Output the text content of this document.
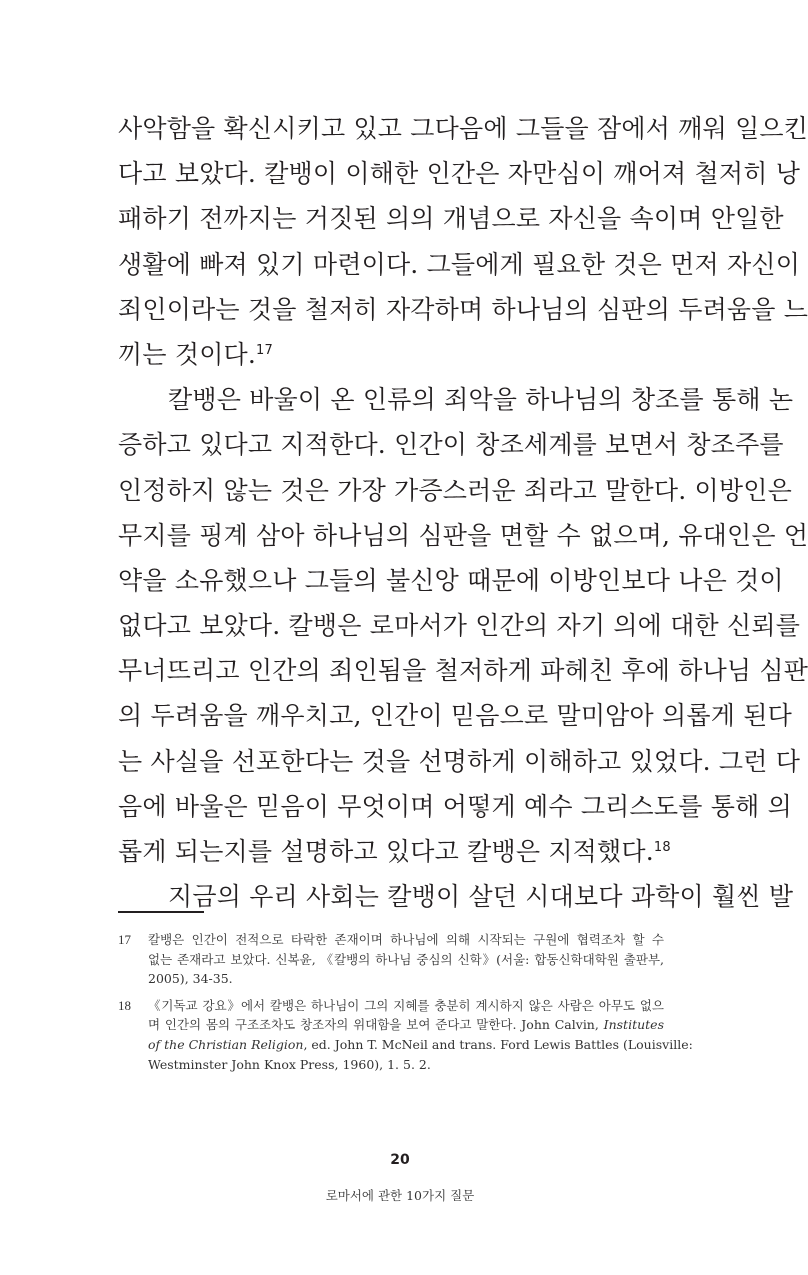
사악함을 확신시키고 있고 그다음에 그들을 잠에서 깨워 일으킨
다고 보았다. 칼뱅이 이해한 인간은 자만심이 깨어져 철저히 낭
패하기 전까지는 거짓된 의의 개념으로 자신을 속이며 안일한
생활에 빠져 있기 마련이다. 그들에게 필요한 것은 먼저 자신이
죄인이라는 것을 철저히 자각하며 하나님의 심판의 두려움을 느
끼는 것이다.$^{17}$
칼뱅은 바울이 온 인류의 죄악을 하나님의 창조를 통해 논
증하고 있다고 지적한다. 인간이 창조세계를 보면서 창조주를
인정하지 않는 것은 가장 가증스러운 죄라고 말한다. 이방인은
무지를 핑계 삼아 하나님의 심판을 면할 수 없으며, 유대인은 언
약을 소유했으나 그들의 불신앙 때문에 이방인보다 나은 것이
없다고 보았다. 칼뱅은 로마서가 인간의 자기 의에 대한 신뢰를
무너뜨리고 인간의 죄인됨을 철저하게 파헤친 후에 하나님 심판
의 두려움을 깨우치고, 인간이 믿음으로 말미암아 의롭게 된다
는 사실을 선포한다는 것을 선명하게 이해하고 있었다. 그런 다
음에 바울은 믿음이 무엇이며 어떻게 예수 그리스도를 통해 의
롭게 되는지를 설명하고 있다고 칼뱅은 지적했다.$^{18}$
지금의 우리 사회는 칼뱅이 살던 시대보다 과학이 훨씬 발
17 칼뱅은 인간이 전적으로 타락한 존재이며 하나님에 의해 시작되는 구원에 협력조차 할 수
없는 존재라고 보았다. 신복윤, 《칼뱅의 하나님 중심의 신학》(서울: 합동신학대학원 출판부,
2005), 34-35.
18 《기독교 강요》에서 칼뱅은 하나님이 그의 지혜를 충분히 계시하지 않은 사람은 아무도 없으
며 인간의 몸의 구조조차도 창조자의 위대함을 보여 준다고 말한다. John Calvin, Institutes
of the Christian Religion, ed. John T. McNeil and trans. Ford Lewis Battles (Louisville:
Westminster John Knox Press, 1960), 1. 5. 2.
20
로마서에 관한 10가지 질문
